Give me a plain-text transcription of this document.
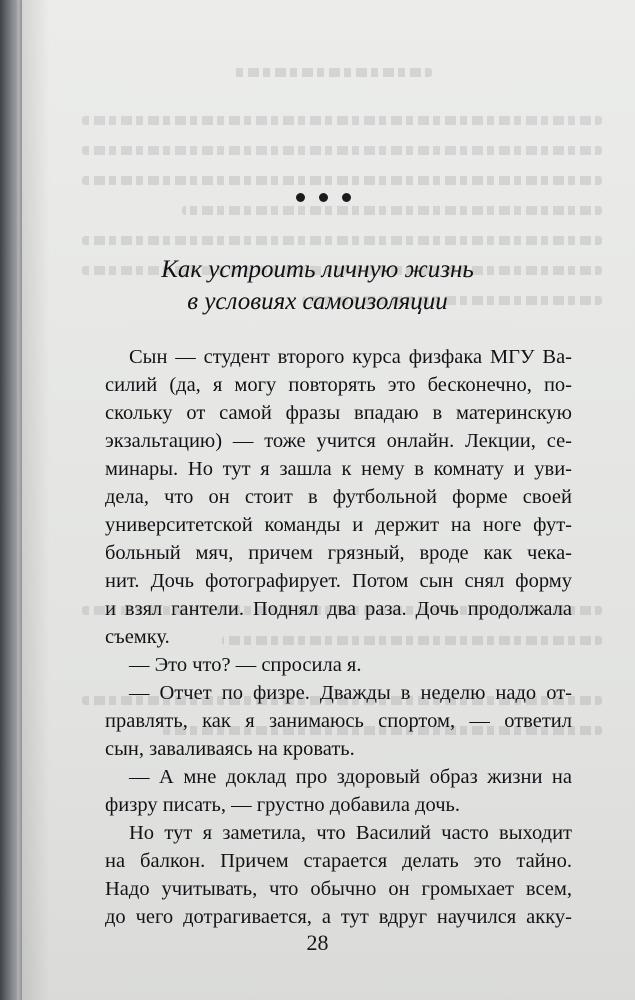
Как устроить личную жизнь
в условиях самоизоляции
Сын — студент второго курса физфака МГУ Ва-
силий (да, я могу повторять это бесконечно, по-
скольку от самой фразы впадаю в материнскую
экзальтацию) — тоже учится онлайн. Лекции, се-
минары. Но тут я зашла к нему в комнату и уви-
дела, что он стоит в футбольной форме своей
университетской команды и держит на ноге фут-
больный мяч, причем грязный, вроде как чека-
нит. Дочь фотографирует. Потом сын снял форму
и взял гантели. Поднял два раза. Дочь продолжала
съемку.
— Это что? — спросила я.
— Отчет по физре. Дважды в неделю надо от-
правлять, как я занимаюсь спортом, — ответил
сын, заваливаясь на кровать.
— А мне доклад про здоровый образ жизни на
физру писать, — грустно добавила дочь.
Но тут я заметила, что Василий часто выходит
на балкон. Причем старается делать это тайно.
Надо учитывать, что обычно он громыхает всем,
до чего дотрагивается, а тут вдруг научился акку-
28
